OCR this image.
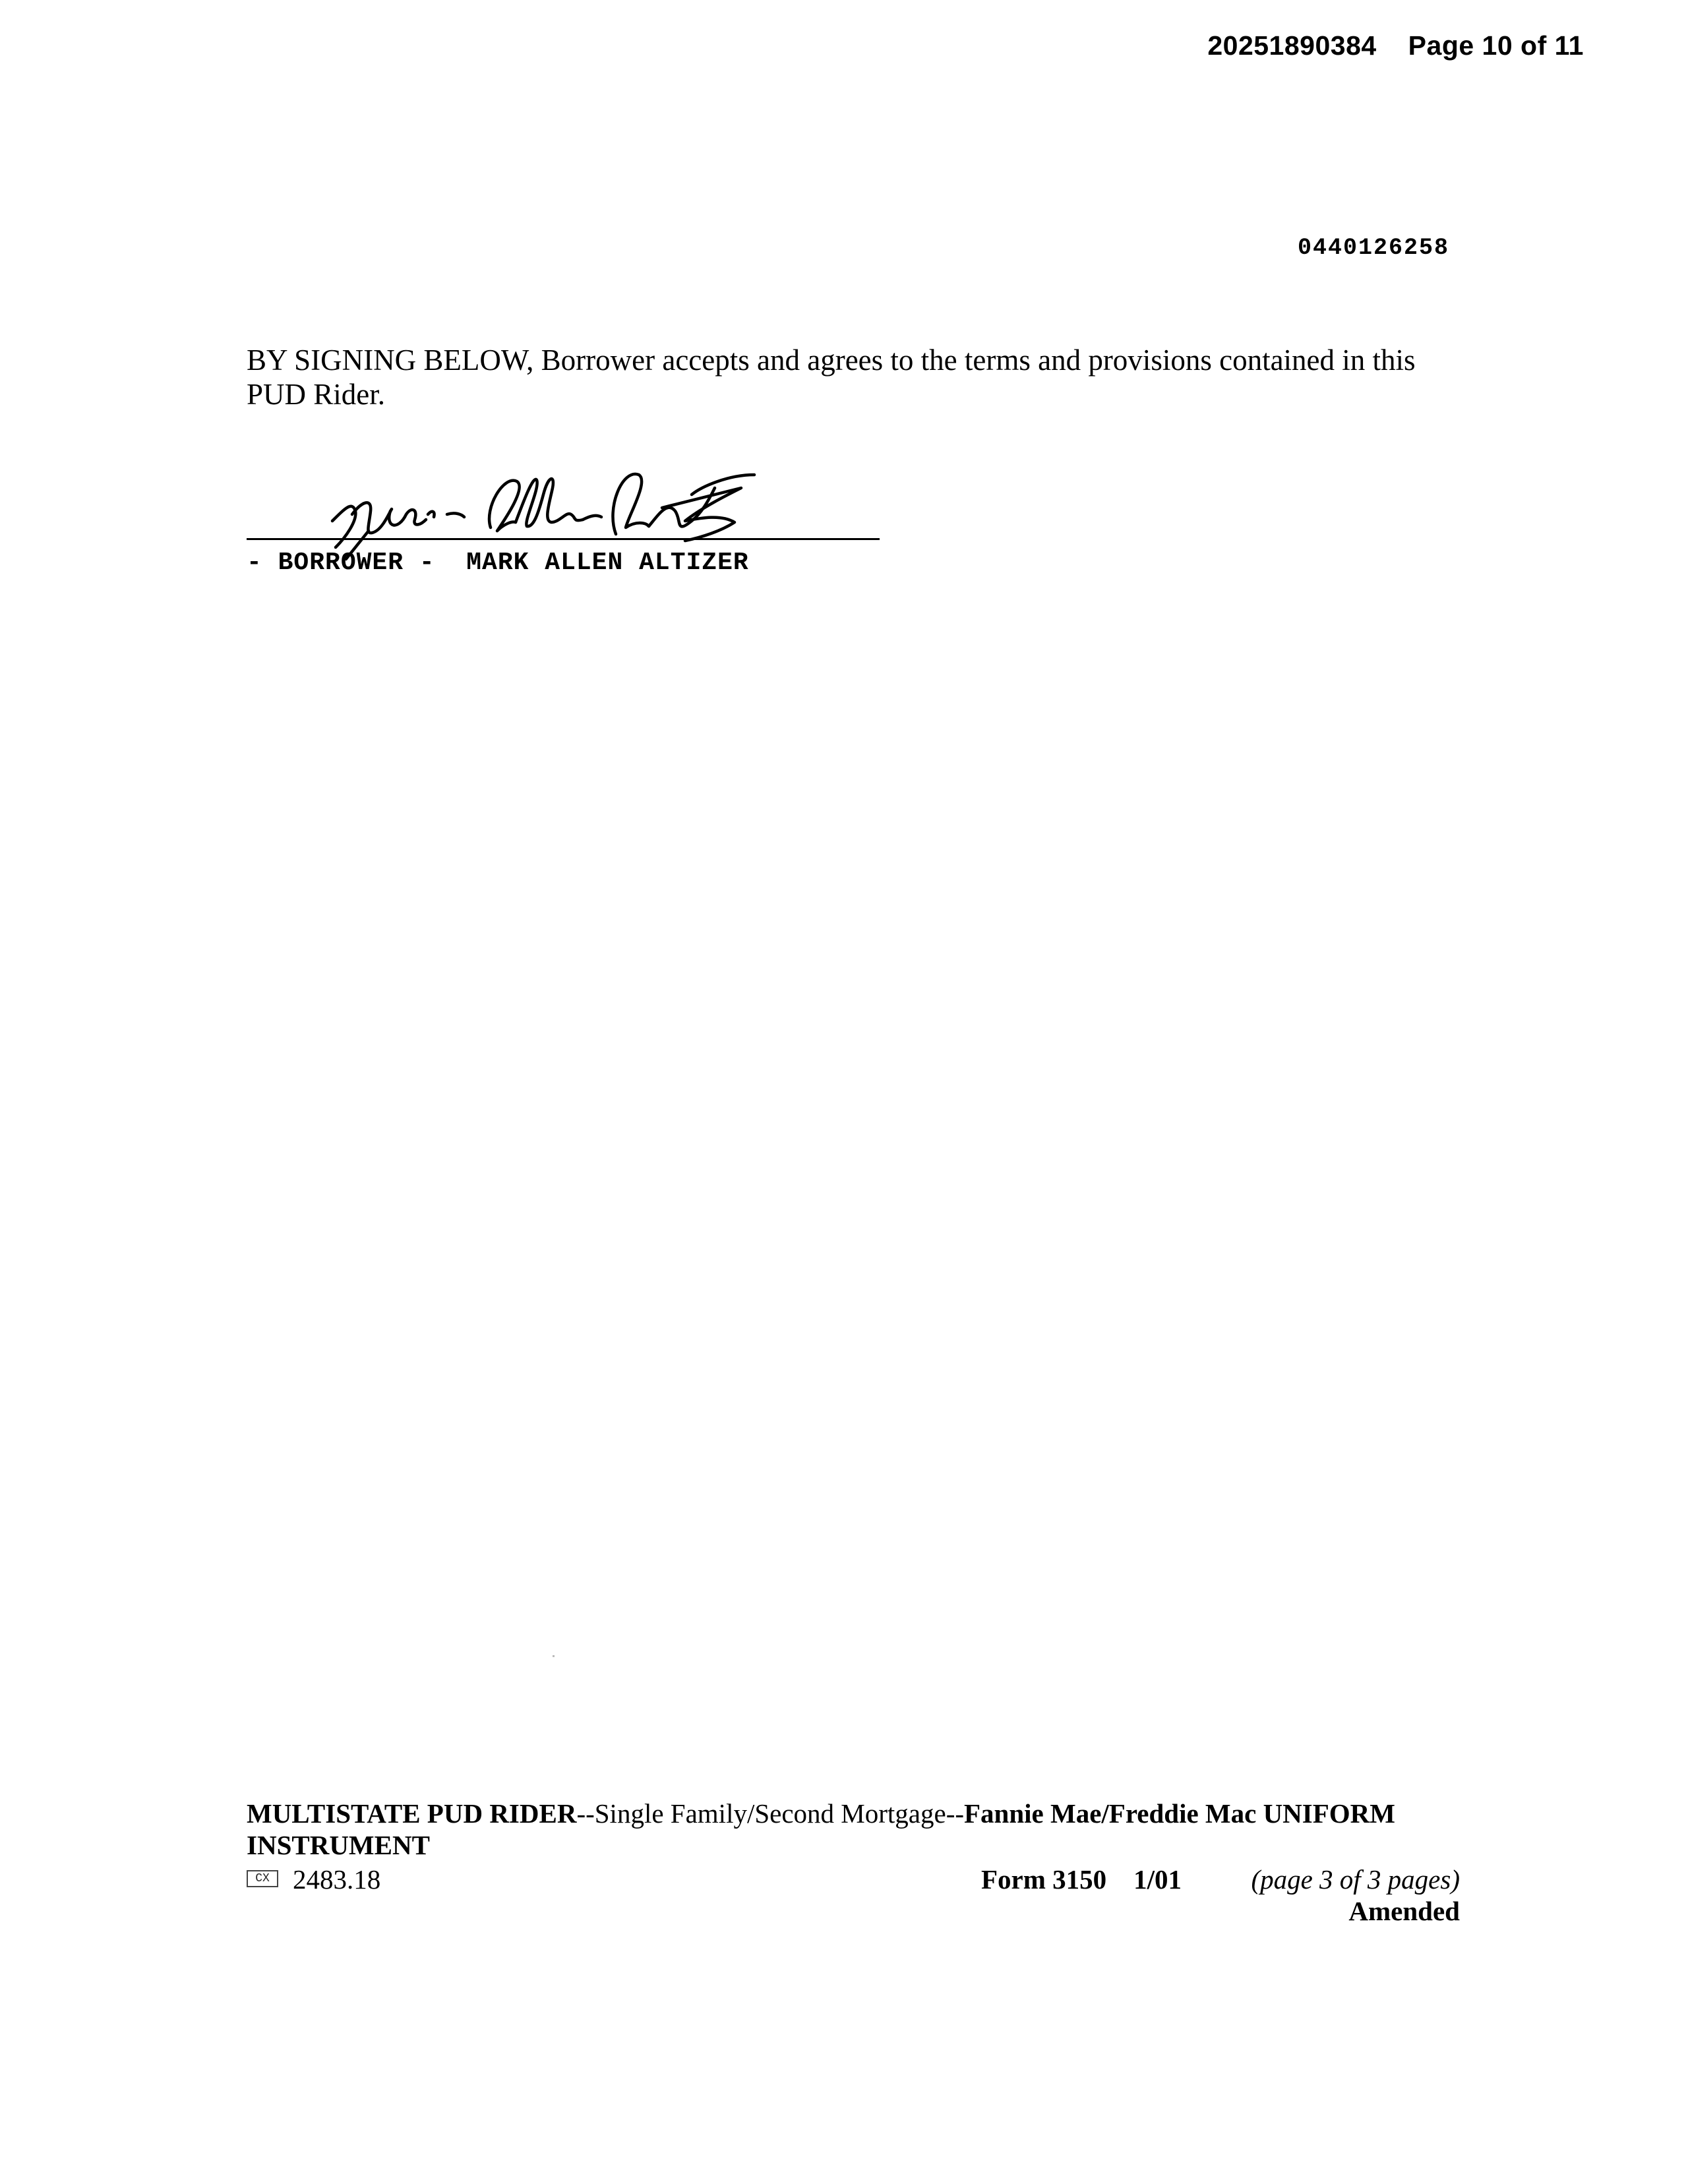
20251890384 Page 10 of 11
0440126258
BY SIGNING BELOW, Borrower accepts and agrees to the terms and provisions contained in this
PUD Rider.
- BORROWER -  MARK ALLEN ALTIZER
MULTISTATE PUD RIDER--Single Family/Second Mortgage--Fannie Mae/Freddie Mac UNIFORM
INSTRUMENT
CX 2483.18	Form 3150    1/01	(page 3 of 3 pages)
Amended
